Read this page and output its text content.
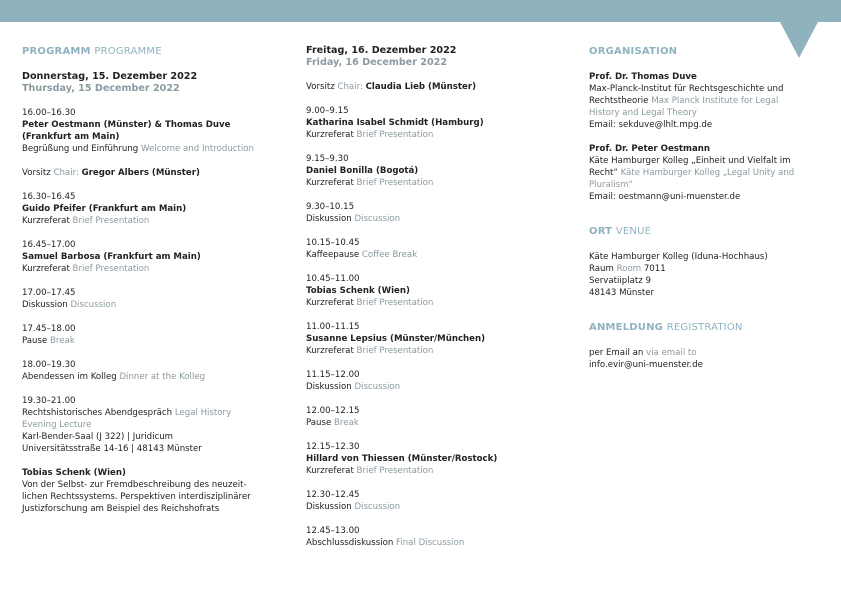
PROGRAMM PROGRAMME
Donnerstag, 15. Dezember 2022
Thursday, 15 December 2022
16.00–16.30
Peter Oestmann (Münster) & Thomas Duve (Frankfurt am Main)
Begrüßung und Einführung Welcome and Introduction
Vorsitz Chair: Gregor Albers (Münster)
16.30–16.45
Guido Pfeifer (Frankfurt am Main)
Kurzreferat Brief Presentation
16.45–17.00
Samuel Barbosa (Frankfurt am Main)
Kurzreferat Brief Presentation
17.00–17.45
Diskussion Discussion
17.45–18.00
Pause Break
18.00–19.30
Abendessen im Kolleg Dinner at the Kolleg
19.30–21.00
Rechtshistorisches Abendgespräch Legal History Evening Lecture
Karl-Bender-Saal (J 322) | Juridicum
Universitätsstraße 14-16 | 48143 Münster
Tobias Schenk (Wien)
Von der Selbst- zur Fremdbeschreibung des neuzeit-
lichen Rechtssystems. Perspektiven interdisziplinärer
Justizforschung am Beispiel des Reichshofrats
Freitag, 16. Dezember 2022
Friday, 16 December 2022
Vorsitz Chair: Claudia Lieb (Münster)
9.00–9.15
Katharina Isabel Schmidt (Hamburg)
Kurzreferat Brief Presentation
9.15–9.30
Daniel Bonilla (Bogotá)
Kurzreferat Brief Presentation
9.30–10.15
Diskussion Discussion
10.15–10.45
Kaffeepause Coffee Break
10.45–11.00
Tobias Schenk (Wien)
Kurzreferat Brief Presentation
11.00–11.15
Susanne Lepsius (Münster/München)
Kurzreferat Brief Presentation
11.15–12.00
Diskussion Discussion
12.00–12.15
Pause Break
12.15–12.30
Hillard von Thiessen (Münster/Rostock)
Kurzreferat Brief Presentation
12.30–12.45
Diskussion Discussion
12.45–13.00
Abschlussdiskussion Final Discussion
ORGANISATION
Prof. Dr. Thomas Duve
Max-Planck-Institut für Rechtsgeschichte und Rechtstheorie Max Planck Institute for Legal History and Legal Theory
Email: sekduve@lhlt.mpg.de
Prof. Dr. Peter Oestmann
Käte Hamburger Kolleg „Einheit und Vielfalt im Recht“ Käte Hamburger Kolleg „Legal Unity and Pluralism“
Email: oestmann@uni-muenster.de
ORT VENUE
Käte Hamburger Kolleg (Iduna-Hochhaus)
Raum Room 7011
Servatiiplatz 9
48143 Münster
ANMELDUNG REGISTRATION
per Email an via email to
info.evir@uni-muenster.de
